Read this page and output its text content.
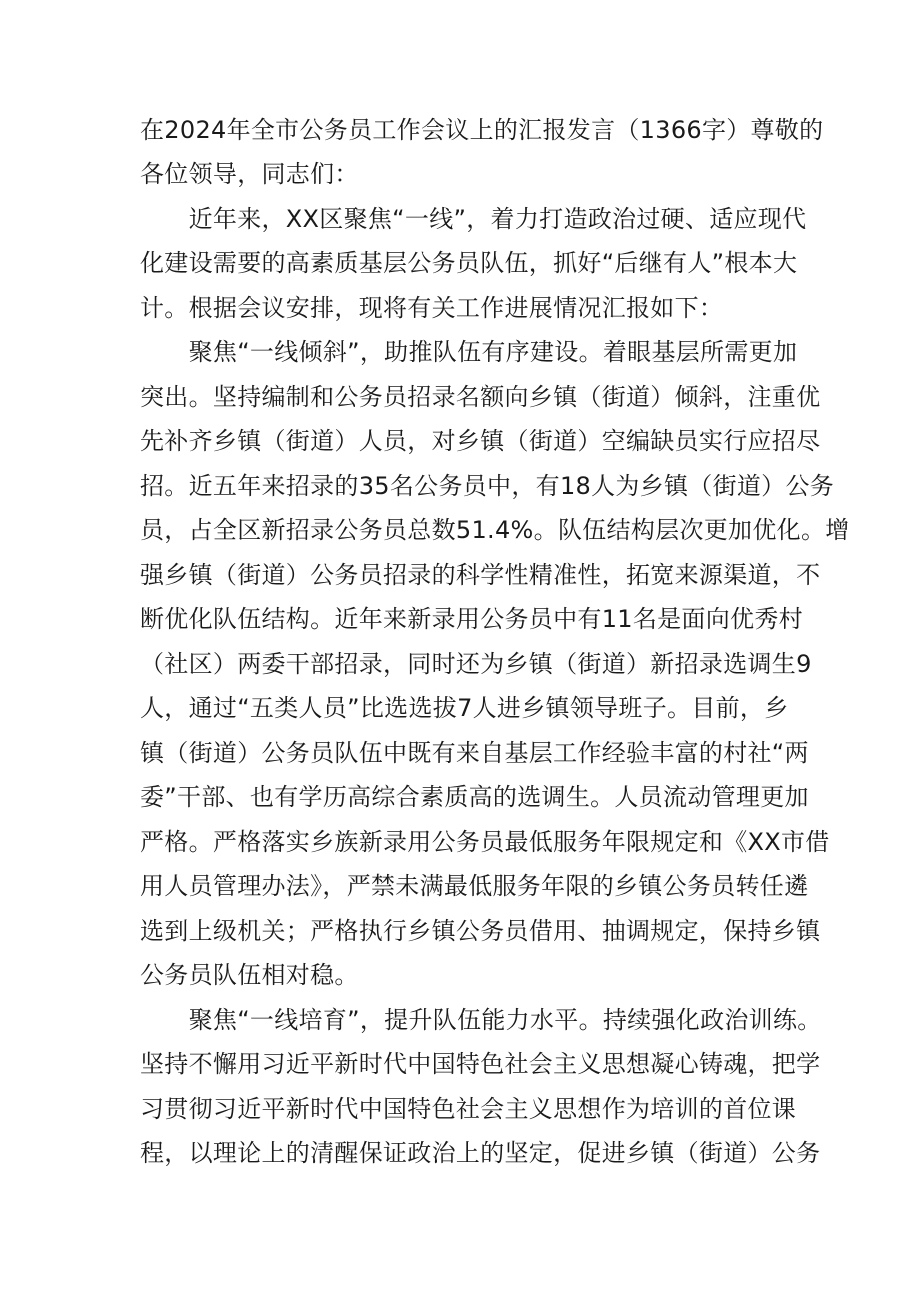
在2024年全市公务员工作会议上的汇报发言（1366字）尊敬的
各位领导，同志们：
　　近年来，XX区聚焦“一线”，着力打造政治过硬、适应现代
化建设需要的高素质基层公务员队伍，抓好“后继有人”根本大
计。根据会议安排，现将有关工作进展情况汇报如下：
　　聚焦“一线倾斜”，助推队伍有序建设。着眼基层所需更加
突出。坚持编制和公务员招录名额向乡镇（街道）倾斜，注重优
先补齐乡镇（街道）人员，对乡镇（街道）空编缺员实行应招尽
招。近五年来招录的35名公务员中，有18人为乡镇（街道）公务
员，占全区新招录公务员总数51.4%。队伍结构层次更加优化。增
强乡镇（街道）公务员招录的科学性精准性，拓宽来源渠道，不
断优化队伍结构。近年来新录用公务员中有11名是面向优秀村
（社区）两委干部招录，同时还为乡镇（街道）新招录选调生9
人，通过“五类人员”比选选拔7人进乡镇领导班子。目前，乡
镇（街道）公务员队伍中既有来自基层工作经验丰富的村社“两
委”干部、也有学历高综合素质高的选调生。人员流动管理更加
严格。严格落实乡族新录用公务员最低服务年限规定和《XX市借
用人员管理办法》，严禁未满最低服务年限的乡镇公务员转任遴
选到上级机关；严格执行乡镇公务员借用、抽调规定，保持乡镇
公务员队伍相对稳。
　　聚焦“一线培育”，提升队伍能力水平。持续强化政治训练。
坚持不懈用习近平新时代中国特色社会主义思想凝心铸魂，把学
习贯彻习近平新时代中国特色社会主义思想作为培训的首位课
程，以理论上的清醒保证政治上的坚定，促进乡镇（街道）公务
